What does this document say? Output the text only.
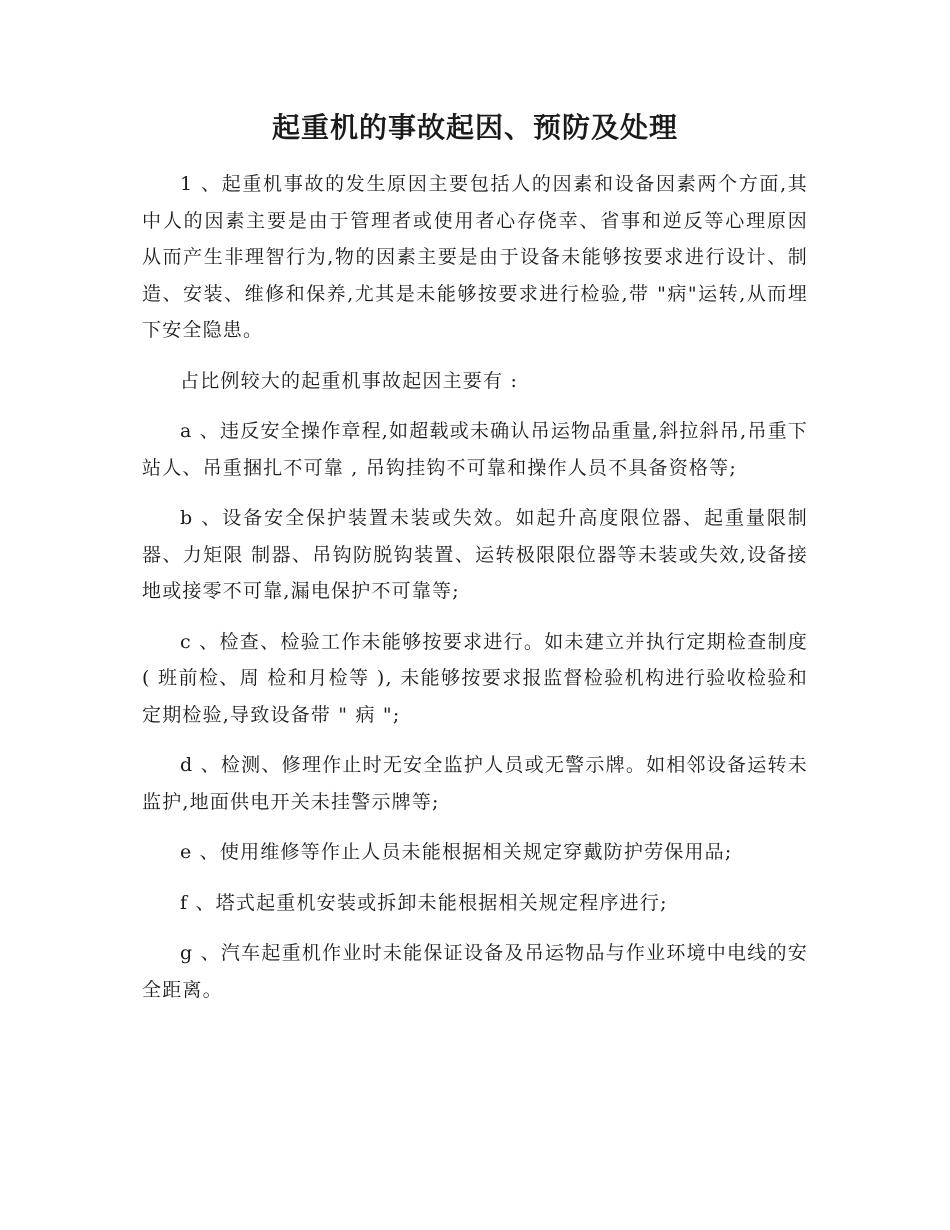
起重机的事故起因、预防及处理

1 、起重机事故的发生原因主要包括人的因素和设备因素两个方面,其中人的因素主要是由于管理者或使用者心存侥幸、省事和逆反等心理原因从而产生非理智行为,物的因素主要是由于设备未能够按要求进行设计、制造、安装、维修和保养,尤其是未能够按要求进行检验,带 "病"运转,从而埋下安全隐患。

占比例较大的起重机事故起因主要有 :

a 、违反安全操作章程,如超载或未确认吊运物品重量,斜拉斜吊,吊重下站人、吊重捆扎不可靠 , 吊钩挂钩不可靠和操作人员不具备资格等;

b 、设备安全保护装置未装或失效。如起升高度限位器、起重量限制器、力矩限 制器、吊钩防脱钩装置、运转极限限位器等未装或失效,设备接地或接零不可靠,漏电保护不可靠等;

c 、检查、检验工作未能够按要求进行。如未建立并执行定期检查制度 ( 班前检、周 检和月检等 ), 未能够按要求报监督检验机构进行验收检验和定期检验,导致设备带 " 病 ";

d 、检测、修理作止时无安全监护人员或无警示牌。如相邻设备运转未监护,地面供电开关未挂警示牌等;

e 、使用维修等作止人员未能根据相关规定穿戴防护劳保用品;

f 、塔式起重机安装或拆卸未能根据相关规定程序进行;

g 、汽车起重机作业时未能保证设备及吊运物品与作业环境中电线的安全距离。
